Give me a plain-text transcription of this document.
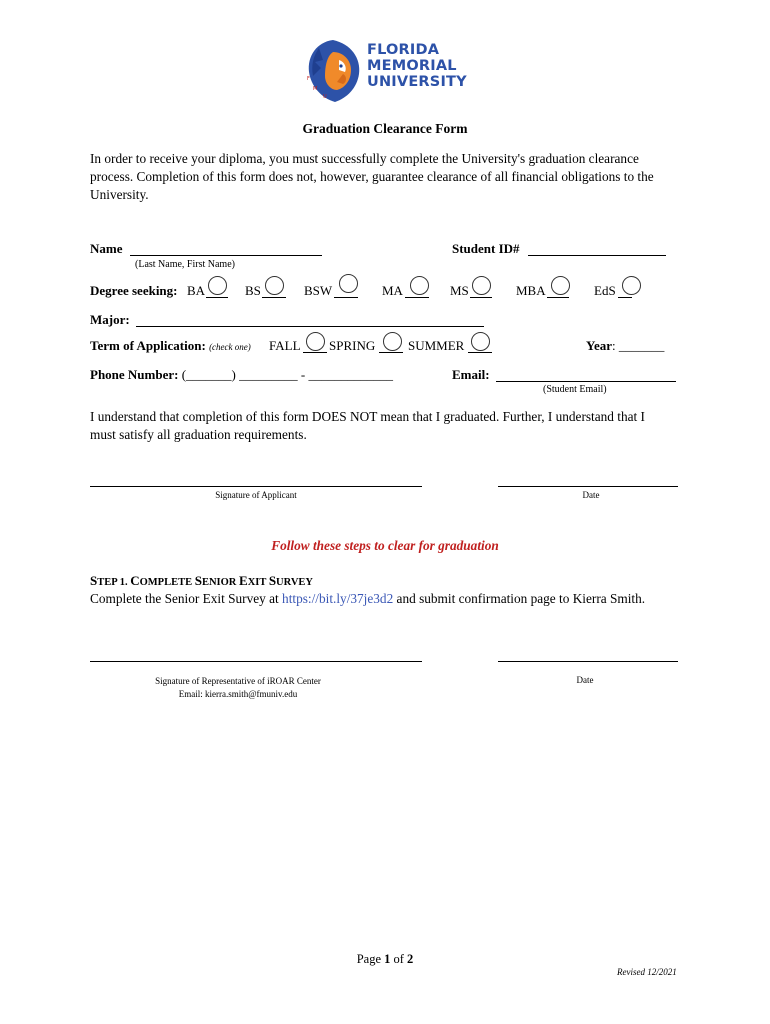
F
M
U
FLORIDA
MEMORIAL
UNIVERSITY
Graduation Clearance Form
In order to receive your diploma, you must successfully complete the University's graduation clearance
process. Completion of this form does not, however, guarantee clearance of all financial obligations to the
University.
Name
(Last Name, First Name)
Student ID#
Degree seeking: BA	BS	BSW	MA	MS	MBA	EdS
Major:
Term of Application: (check one) FALL SPRING	SUMMER	Year: _______
Phone Number: (_______) _________ - _____________	Email:
(Student Email)
I understand that completion of this form DOES NOT mean that I graduated. Further, I understand that I
must satisfy all graduation requirements.
Signature of Applicant	Date
Follow these steps to clear for graduation
STEP 1. COMPLETE SENIOR EXIT SURVEY
Complete the Senior Exit Survey at https://bit.ly/37je3d2 and submit confirmation page to Kierra Smith.
Signature of Representative of iROAR Center
Email: kierra.smith@fmuniv.edu
Date
Page 1 of 2
Revised 12/2021
